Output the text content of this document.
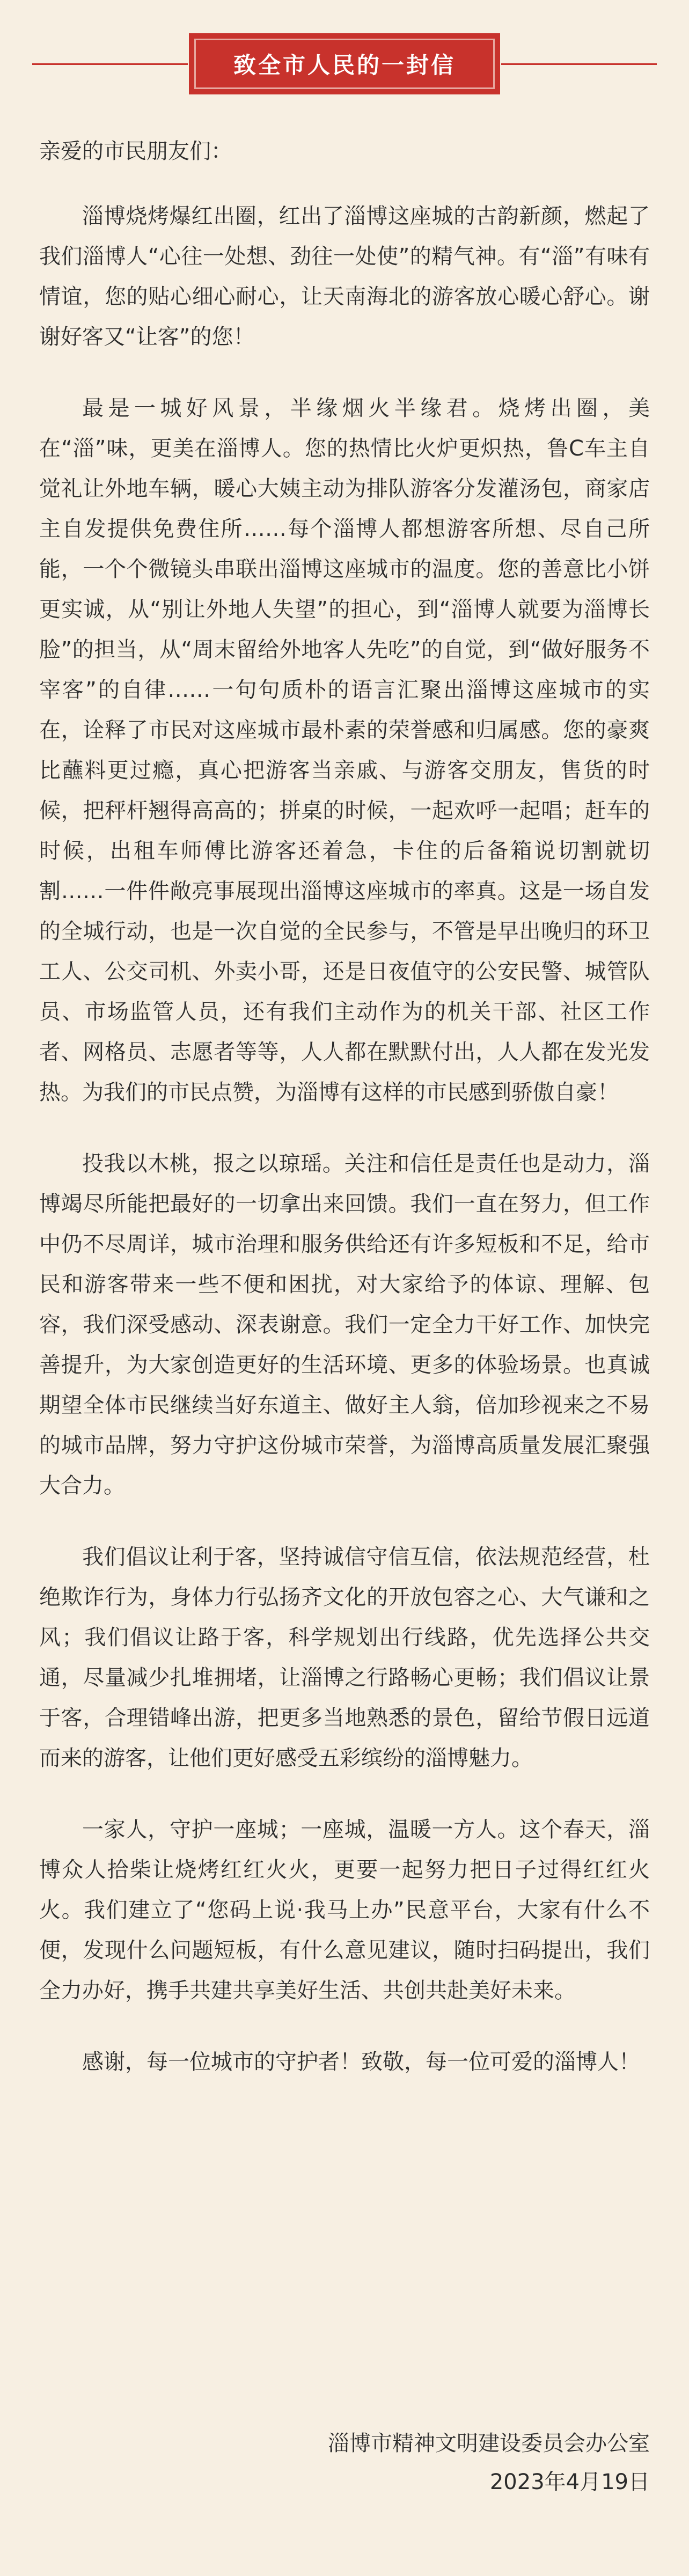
致全市人民的一封信

亲爱的市民朋友们：

淄博烧烤爆红出圈，红出了淄博这座城的古韵新颜，燃起了我们淄博人“心往一处想、劲往一处使”的精气神。有“淄”有味有情谊，您的贴心细心耐心，让天南海北的游客放心暖心舒心。谢谢好客又“让客”的您！

最是一城好风景，半缘烟火半缘君。烧烤出圈，美在“淄”味，更美在淄博人。您的热情比火炉更炽热，鲁C车主自觉礼让外地车辆，暖心大姨主动为排队游客分发灌汤包，商家店主自发提供免费住所……每个淄博人都想游客所想、尽自己所能，一个个微镜头串联出淄博这座城市的温度。您的善意比小饼更实诚，从“别让外地人失望”的担心，到“淄博人就要为淄博长脸”的担当，从“周末留给外地客人先吃”的自觉，到“做好服务不宰客”的自律……一句句质朴的语言汇聚出淄博这座城市的实在，诠释了市民对这座城市最朴素的荣誉感和归属感。您的豪爽比蘸料更过瘾，真心把游客当亲戚、与游客交朋友，售货的时候，把秤杆翘得高高的；拼桌的时候，一起欢呼一起唱；赶车的时候，出租车师傅比游客还着急，卡住的后备箱说切割就切割……一件件敞亮事展现出淄博这座城市的率真。这是一场自发的全城行动，也是一次自觉的全民参与，不管是早出晚归的环卫工人、公交司机、外卖小哥，还是日夜值守的公安民警、城管队员、市场监管人员，还有我们主动作为的机关干部、社区工作者、网格员、志愿者等等，人人都在默默付出，人人都在发光发热。为我们的市民点赞，为淄博有这样的市民感到骄傲自豪！

投我以木桃，报之以琼瑶。关注和信任是责任也是动力，淄博竭尽所能把最好的一切拿出来回馈。我们一直在努力，但工作中仍不尽周详，城市治理和服务供给还有许多短板和不足，给市民和游客带来一些不便和困扰，对大家给予的体谅、理解、包容，我们深受感动、深表谢意。我们一定全力干好工作、加快完善提升，为大家创造更好的生活环境、更多的体验场景。也真诚期望全体市民继续当好东道主、做好主人翁，倍加珍视来之不易的城市品牌，努力守护这份城市荣誉，为淄博高质量发展汇聚强大合力。

我们倡议让利于客，坚持诚信守信互信，依法规范经营，杜绝欺诈行为，身体力行弘扬齐文化的开放包容之心、大气谦和之风；我们倡议让路于客，科学规划出行线路，优先选择公共交通，尽量减少扎堆拥堵，让淄博之行路畅心更畅；我们倡议让景于客，合理错峰出游，把更多当地熟悉的景色，留给节假日远道而来的游客，让他们更好感受五彩缤纷的淄博魅力。

一家人，守护一座城；一座城，温暖一方人。这个春天，淄博众人拾柴让烧烤红红火火，更要一起努力把日子过得红红火火。我们建立了“您码上说·我马上办”民意平台，大家有什么不便，发现什么问题短板，有什么意见建议，随时扫码提出，我们全力办好，携手共建共享美好生活、共创共赴美好未来。

感谢，每一位城市的守护者！致敬，每一位可爱的淄博人！

淄博市精神文明建设委员会办公室
2023年4月19日
